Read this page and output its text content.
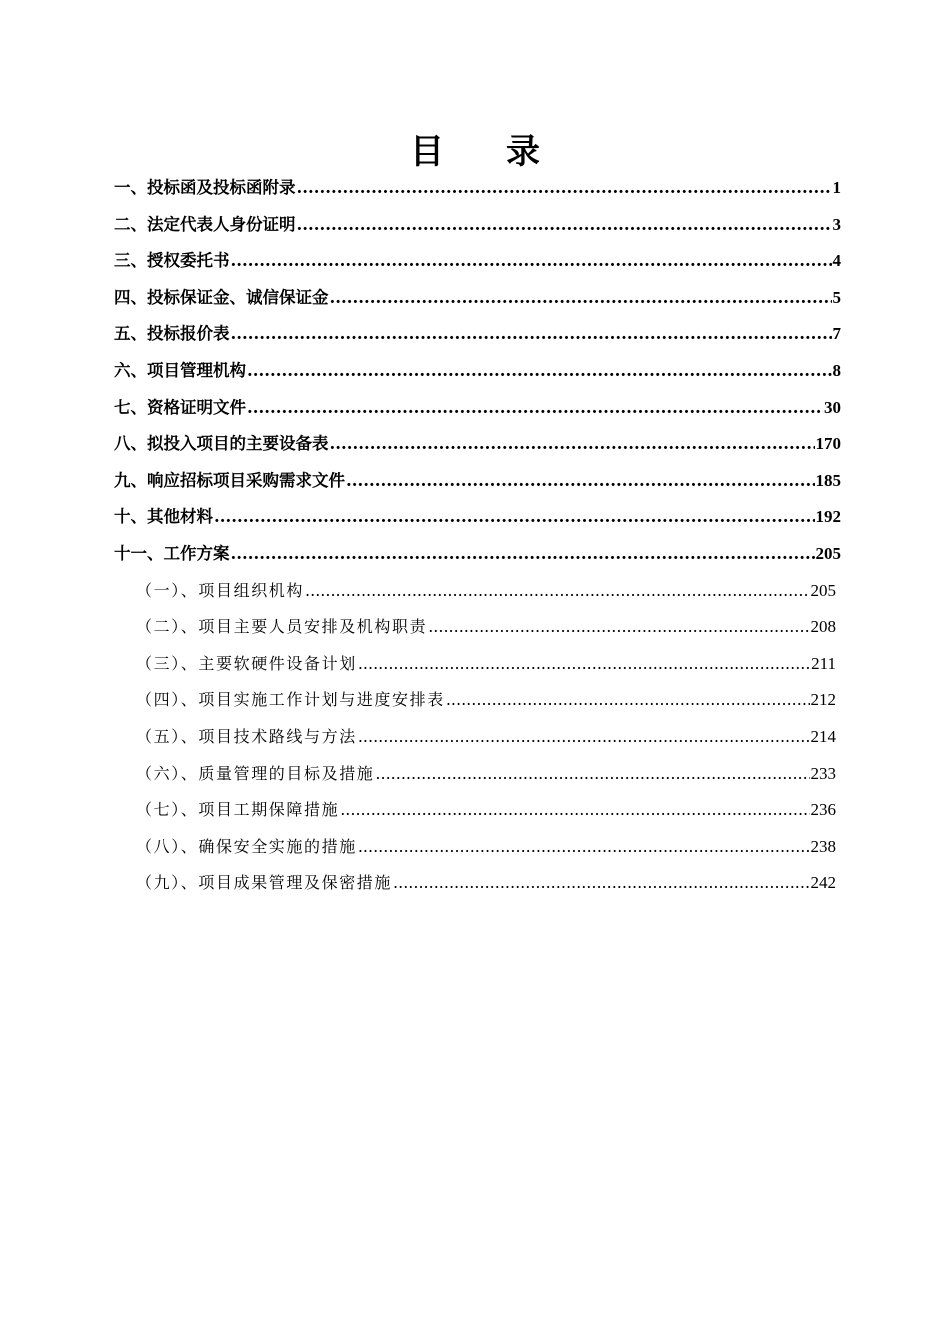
目录
一、投标函及投标函附录 .....	1
二、法定代表人身份证明 .....	3
三、授权委托书 .....	4
四、投标保证金、诚信保证金 .....	5
五、投标报价表 .....	7
六、项目管理机构 .....	8
七、资格证明文件 .....	30
八、拟投入项目的主要设备表 .....	170
九、响应招标项目采购需求文件 .....	185
十、其他材料 .....	192
十一、工作方案 .....	205
（一）、项目组织机构 .....	205
（二）、项目主要人员安排及机构职责 .....	208
（三）、主要软硬件设备计划 .....	211
（四）、项目实施工作计划与进度安排表 .....	212
（五）、项目技术路线与方法 .....	214
（六）、质量管理的目标及措施 .....	233
（七）、项目工期保障措施 .....	236
（八）、确保安全实施的措施 .....	238
（九）、项目成果管理及保密措施 .....	242
